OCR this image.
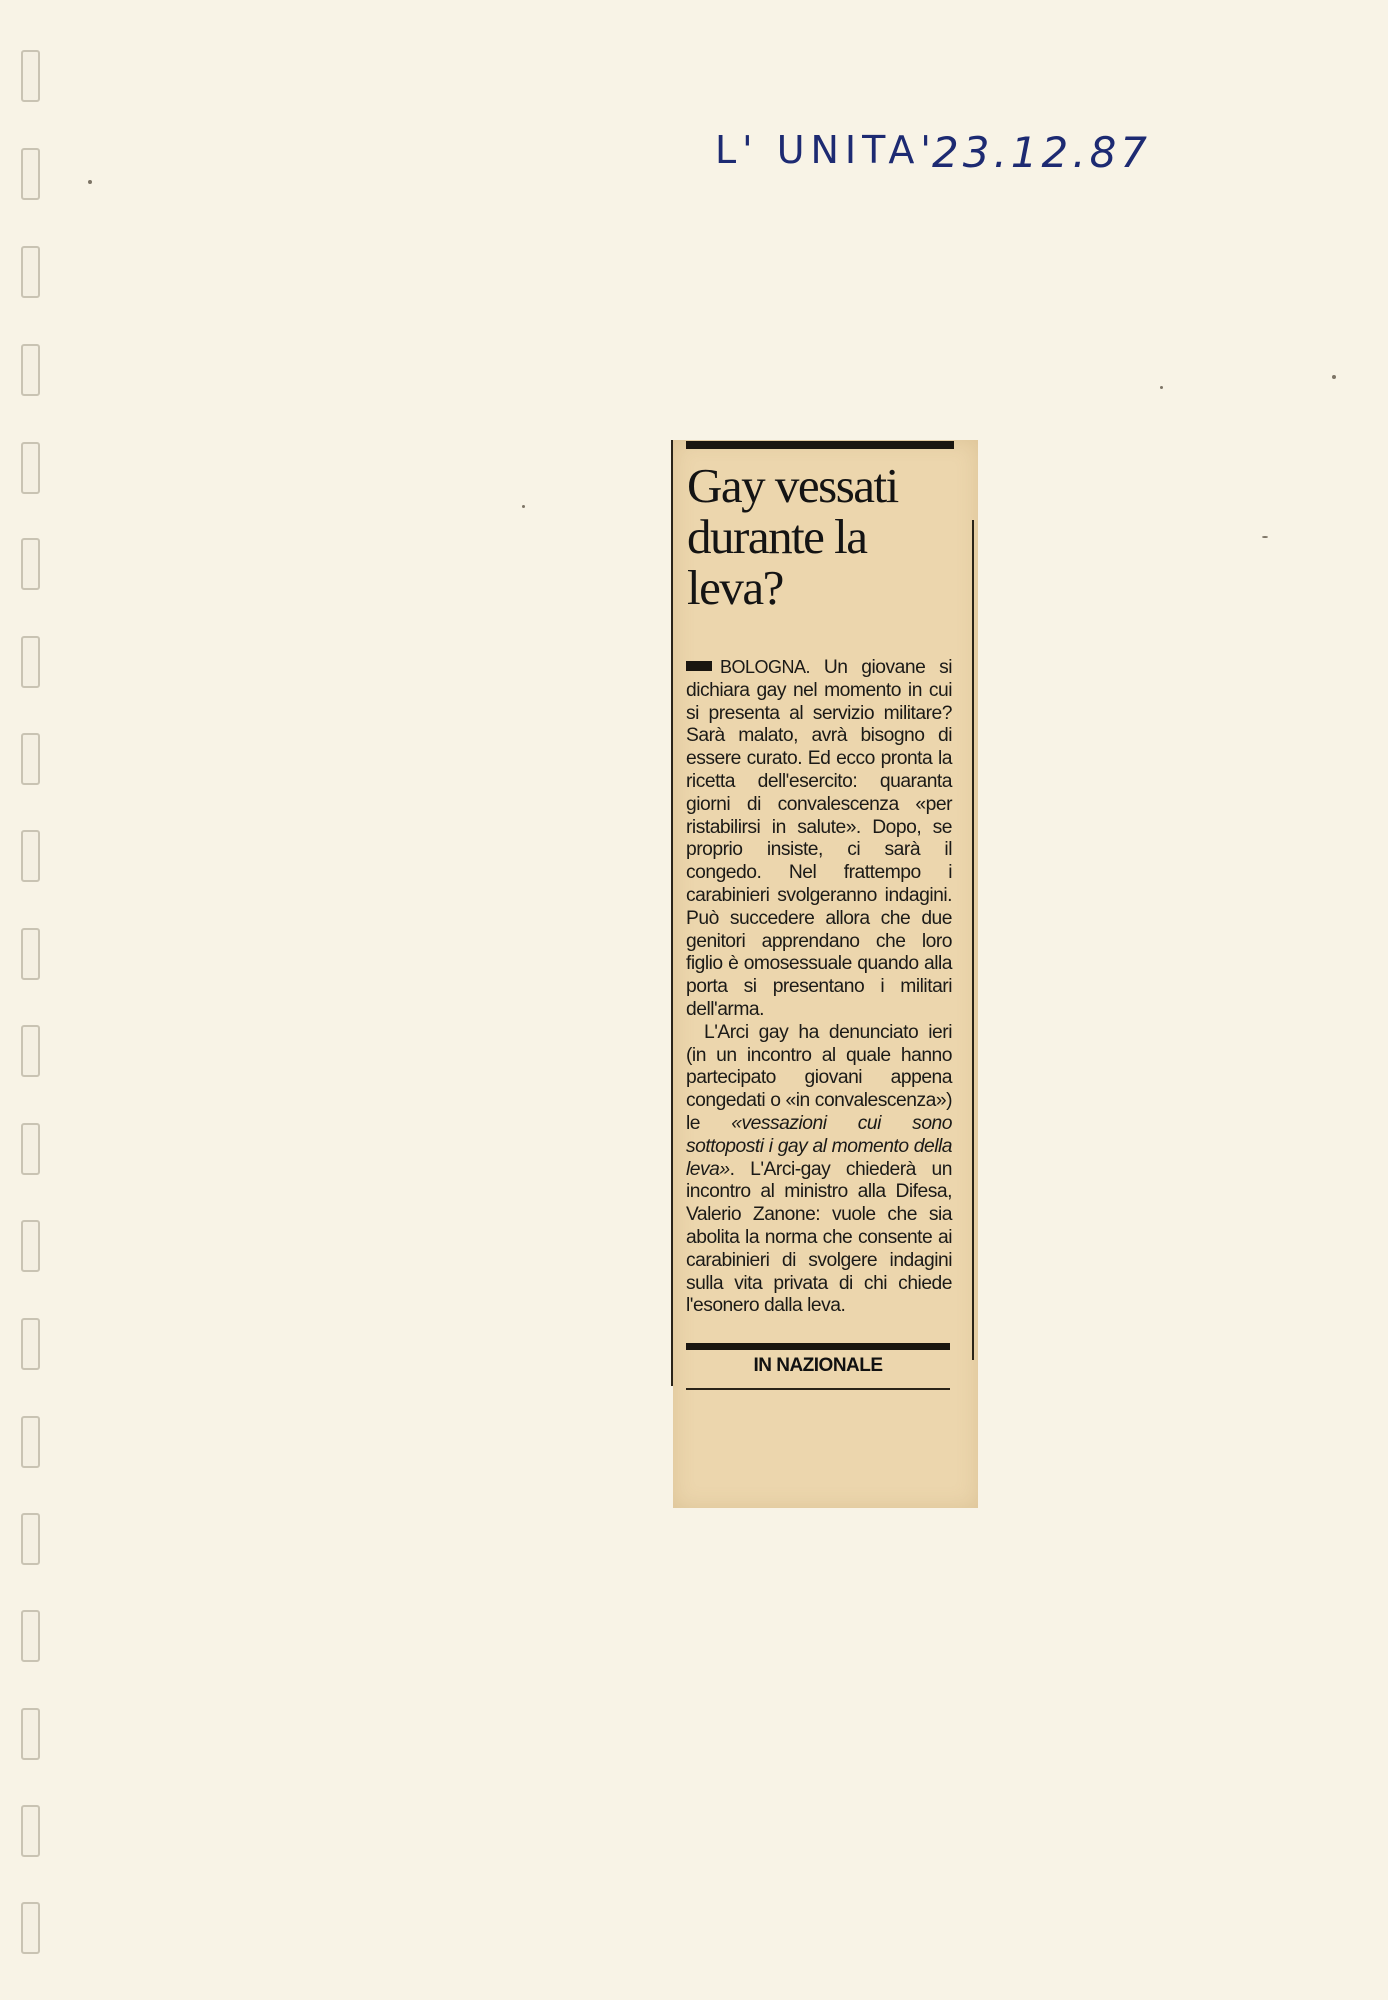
L' UNITA'
23.12.87
Gay vessati durante la leva?

BOLOGNA. Un giovane si dichiara gay nel momento in cui si presenta al servizio militare? Sarà malato, avrà bisogno di essere curato. Ed ecco pronta la ricetta dell'esercito: quaranta giorni di convalescenza «per ristabilirsi in salute». Dopo, se proprio insiste, ci sarà il congedo. Nel frattempo i carabinieri svolgeranno indagini. Può succedere allora che due genitori apprendano che loro figlio è omosessuale quando alla porta si presentano i militari dell'arma.

L'Arci gay ha denunciato ieri (in un incontro al quale hanno partecipato giovani appena congedati o «in convalescenza») le «vessazioni cui sono sottoposti i gay al momento della leva». L'Arci-gay chiederà un incontro al ministro alla Difesa, Valerio Zanone: vuole che sia abolita la norma che consente ai carabinieri di svolgere indagini sulla vita privata di chi chiede l'esonero dalla leva.

IN NAZIONALE
